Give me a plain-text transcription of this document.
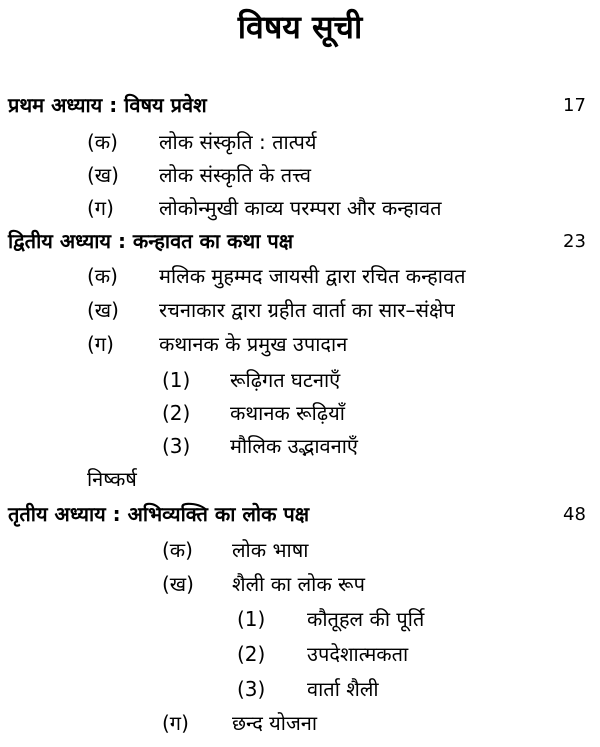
विषय सूची
प्रथम अध्याय : विषय प्रवेश	17
(क) लोक संस्कृति : तात्पर्य
(ख) लोक संस्कृति के तत्त्व
(ग) लोकोन्मुखी काव्य परम्परा और कन्हावत
द्वितीय अध्याय : कन्हावत का कथा पक्ष	23
(क) मलिक मुहम्मद जायसी द्वारा रचित कन्हावत
(ख) रचनाकार द्वारा ग्रहीत वार्ता का सार–संक्षेप
(ग) कथानक के प्रमुख उपादान
(1) रूढ़िगत घटनाएँ
(2) कथानक रूढ़ियाँ
(3) मौलिक उद्भावनाएँ
निष्कर्ष
तृतीय अध्याय : अभिव्यक्ति का लोक पक्ष	48
(क) लोक भाषा
(ख) शैली का लोक रूप
(1) कौतूहल की पूर्ति
(2) उपदेशात्मकता
(3) वार्ता शैली
(ग) छन्द योजना
